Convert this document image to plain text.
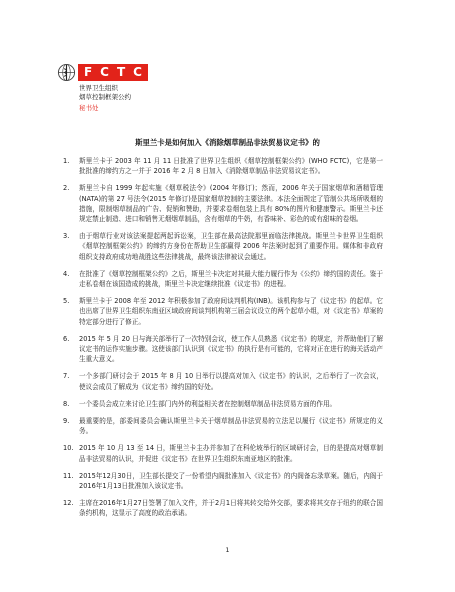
F C T C
世界卫生组织
烟草控制框架公约
秘书处
斯里兰卡是如何加入《消除烟草制品非法贸易议定书》的
1.	斯里兰卡于 2003 年 11 月 11 日批准了世界卫生组织《烟草控制框架公约》(WHO FCTC)，它是第一批批准的缔约方之一并于 2016 年 2 月 8 日加入《消除烟草制品非法贸易议定书》。
2.	斯里兰卡自 1999 年起实施《烟草税法令》(2004 年修订)；然而，2006 年关于国家烟草和酒精管理(NATA)的第 27 号法令(2015 年修订)是国家烟草控制的主要法律。本法全面规定了管制公共场所吸烟的措施，限制烟草制品的广告、促销和赞助，并要求卷烟包装上具有 80%的图片和健康警示。斯里兰卡还规定禁止制造、进口和销售无烟烟草制品，含有烟草的牛奶，有香味补、彩色的或有甜味的卷烟。
3.	由于烟草行业对该法案提起两起诉讼案，卫生部在最高法院那里面临法律挑战。斯里兰卡世界卫生组织《烟草控制框架公约》的缔约方身份在帮助卫生部赢得 2006 年法案时起到了重要作用。媒体和非政府组织支持政府成功地战胜这些法律挑战，最终该法律被议会通过。
4.	在批准了《烟草控制框架公约》之后，斯里兰卡决定对其最大能力履行作为《公约》缔约国的责任。鉴于走私卷烟在该国造成的挑战，斯里兰卡决定继续批准《议定书》的进程。
5.	斯里兰卡于 2008 年至 2012 年积极参加了政府间谈判机构(INB)。该机构参与了《议定书》的起草。它也出席了世界卫生组织东南亚区域政府间谈判机构第三届会议设立的两个起草小组，对《议定书》草案的特定部分进行了修正。
6.	2015 年 5 月 20 日与海关部举行了一次特别会议，使工作人员熟悉《议定书》的规定，并帮助他们了解议定书的运作实施步骤。这使该部门认识到《议定书》的执行是有可能的，它将对正在进行的海关活动产生重大意义。
7.	一个多部门研讨会于 2015 年 8 月 10 日举行以提高对加入《议定书》的认识，之后举行了一次会议，使议会成员了解成为《议定书》缔约国的好处。
8.	一个委员会成立来讨论卫生部门内外的利益相关者在控制烟草制品非法贸易方面的作用。
9.	最重要的是，部委间委员会确认斯里兰卡关于烟草制品非法贸易的立法足以履行《议定书》所规定的义务。
10. 2015 年 10 月 13 至 14 日，斯里兰卡主办并参加了在科伦坡举行的区域研讨会，目的是提高对烟草制品非法贸易的认识，并促进《议定书》在世界卫生组织东南亚地区的批准。
11. 2015年12月30日，卫生部长提交了一份希望内阁批准加入《议定书》的内阁备忘录草案。随后，内阁于2016年1月13日批准加入该议定书。
12. 主席在2016年1月27日签署了加入文件，并于2月1日将其转交给外交部，要求将其交存于纽约的联合国条约机构，这显示了高度的政治承诺。
1
